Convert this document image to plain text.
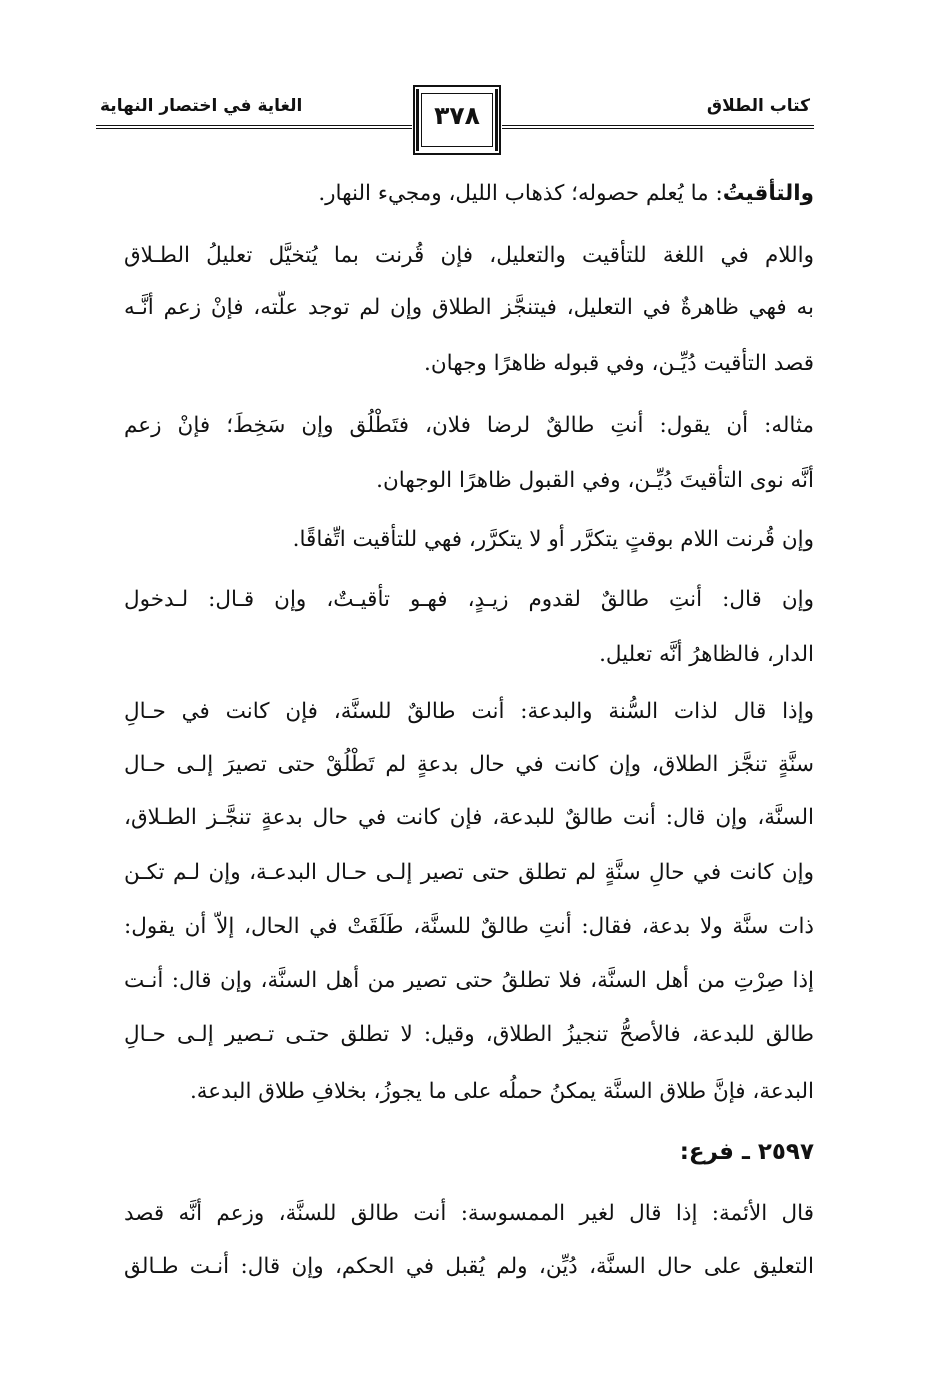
كتاب الطلاق
الغاية في اختصار النهاية	٣٧٨
والتأقيتُ: ما يُعلم حصوله؛ كذهاب الليل، ومجيء النهار.
واللام في اللغة للتأقيت والتعليل، فإن قُرنت بما يُتخيَّل تعليلُ الطـلاق
به فهي ظاهرةٌ في التعليل، فيتنجَّز الطلاق وإن لم توجد علَّته، فإنْ زعم أنَّـه
قصد التأقيت دُيِّـن، وفي قبوله ظاهرًا وجهان.
مثاله: أن يقول: أنتِ طالقٌ لرضا فلان، فتَطْلُق وإن سَخِطَ؛ فإنْ زعم
أنَّه نوى التأقيتَ دُيِّـن، وفي القبول ظاهرًا الوجهان.
وإن قُرنت اللام بوقتٍ يتكرَّر أو لا يتكرَّر، فهي للتأقيت اتِّفاقًا.
وإن قال: أنتِ طالقٌ لقدوم زيـدٍ، فهـو تأقيـتٌ، وإن قـال: لـدخول
الدار، فالظاهرُ أنَّه تعليل.
وإذا قال لذات السُّنة والبدعة: أنت طالقٌ للسنَّة، فإن كانت في حـالِ
سنَّةٍ تنجَّز الطلاق، وإن كانت في حال بدعةٍ لم تَطْلُقْ حتى تصيرَ إلـى حـال
السنَّة، وإن قال: أنت طالقٌ للبدعة، فإن كانت في حال بدعةٍ تنجَّـز الطـلاق،
وإن كانت في حالِ سنَّةٍ لم تطلق حتى تصير إلـى حـال البدعـة، وإن لـم تكـن
ذات سنَّة ولا بدعة، فقال: أنتِ طالقٌ للسنَّة، طَلَقَتْ في الحال، إلاّ أن يقول:
إذا صِرْتِ من أهل السنَّة، فلا تطلقُ حتى تصير من أهل السنَّة، وإن قال: أنـت
طالق للبدعة، فالأصحُّ تنجيزُ الطلاق، وقيل: لا تطلق حتـى تـصير إلـى حـالِ
البدعة، فإنَّ طلاق السنَّة يمكنُ حملُه على ما يجوزُ، بخلافِ طلاق البدعة.
٢٥٩٧ ـ فرع:
قال الأئمة: إذا قال لغير الممسوسة: أنت طالق للسنَّة، وزعم أنَّه قصد
التعليق على حال السنَّة، دُيِّن، ولم يُقبل في الحكم، وإن قال: أنـت طـالق
